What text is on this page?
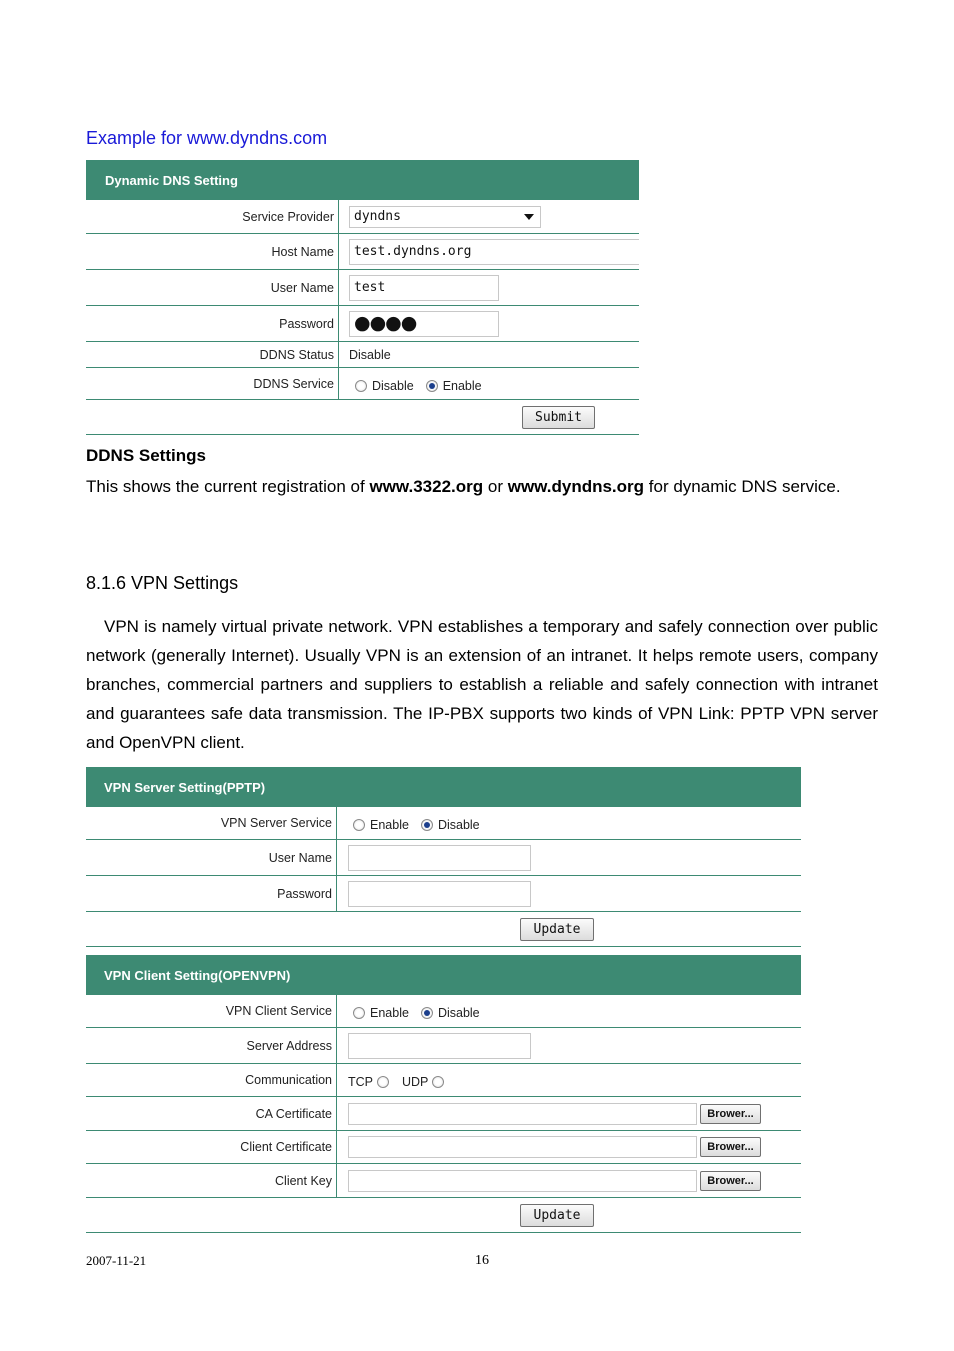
Example for www.dyndns.com
Dynamic DNS Setting
Service Provider	dyndns
Host Name	test.dyndns.org
User Name	test
Password ●●●●
DDNS Status	Disable
DDNS Service	Disable Enable
Submit
DDNS Settings
This shows the current registration of www.3322.org or www.dyndns.org for dynamic DNS service.
8.1.6 VPN Settings
VPN is namely virtual private network. VPN establishes a temporary and safely connection over public network (generally Internet). Usually VPN is an extension of an intranet. It helps remote users, company branches, commercial partners and suppliers to establish a reliable and safely connection with intranet and guarantees safe data transmission. The IP-PBX supports two kinds of VPN Link: PPTP VPN server and OpenVPN client.
VPN Server Setting(PPTP)
VPN Server Service	Enable Disable
User Name
Password
Update
VPN Client Setting(OPENVPN)
VPN Client Service	Enable Disable
Server Address
Communication	TCP UDP
CA Certificate	Brower...
Client Certificate	Brower...
Client Key	Brower...
Update
2007-11-21	16
